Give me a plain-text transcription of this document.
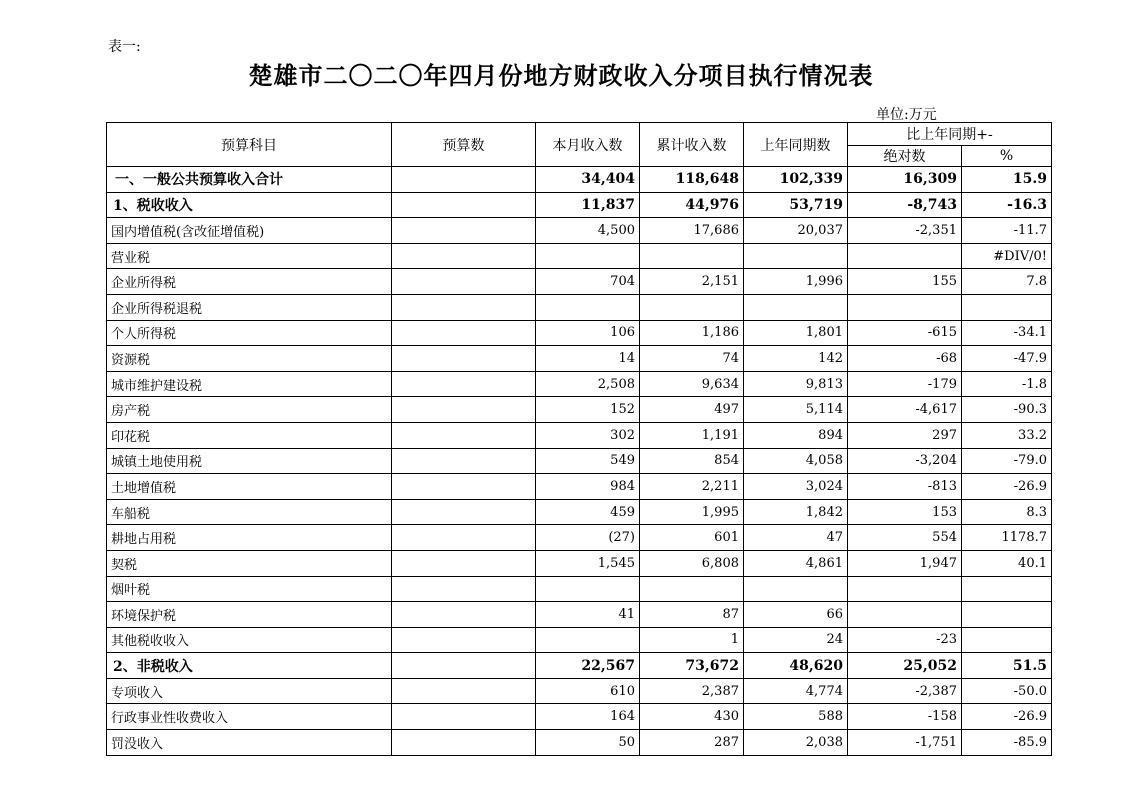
表一:
楚雄市二〇二〇年四月份地方财政收入分项目执行情况表
单位:万元
预算科目	预算数	本月收入数	累计收入数	上年同期数	比上年同期+-	
					绝对数	%
一、一般公共预算收入合计		34,404	118,648	102,339	16,309	15.9
1、税收收入		11,837	44,976	53,719	-8,743	-16.3
国内增值税(含改征增值税)		4,500	17,686	20,037	-2,351	-11.7
营业税						#DIV/0!
企业所得税		704	2,151	1,996	155	7.8
企业所得税退税						
个人所得税		106	1,186	1,801	-615	-34.1
资源税		14	74	142	-68	-47.9
城市维护建设税		2,508	9,634	9,813	-179	-1.8
房产税		152	497	5,114	-4,617	-90.3
印花税		302	1,191	894	297	33.2
城镇土地使用税		549	854	4,058	-3,204	-79.0
土地增值税		984	2,211	3,024	-813	-26.9
车船税		459	1,995	1,842	153	8.3
耕地占用税		(27)	601	47	554	1178.7
契税		1,545	6,808	4,861	1,947	40.1
烟叶税						
环境保护税		41	87	66		
其他税收收入			1	24	-23	
2、非税收入		22,567	73,672	48,620	25,052	51.5
专项收入		610	2,387	4,774	-2,387	-50.0
行政事业性收费收入		164	430	588	-158	-26.9
罚没收入		50	287	2,038	-1,751	-85.9
